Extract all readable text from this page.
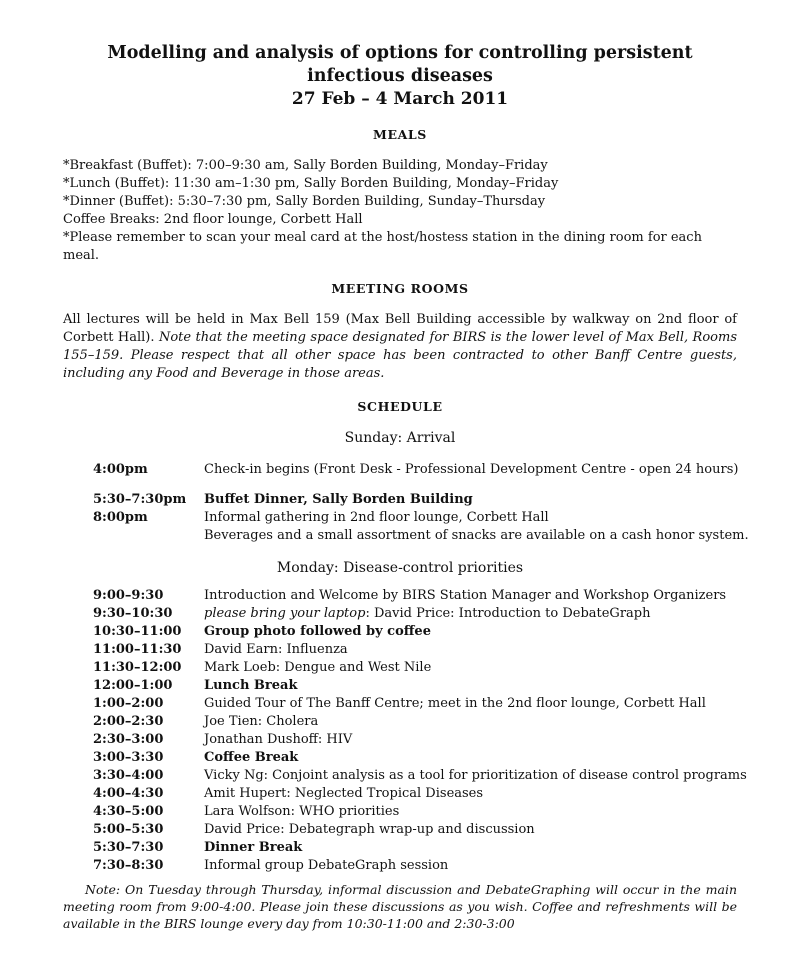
Modelling and analysis of options for controlling persistent infectious diseases
27 Feb – 4 March 2011
MEALS
*Breakfast (Buffet): 7:00–9:30 am, Sally Borden Building, Monday–Friday
*Lunch (Buffet): 11:30 am–1:30 pm, Sally Borden Building, Monday–Friday
*Dinner (Buffet): 5:30–7:30 pm, Sally Borden Building, Sunday–Thursday
Coffee Breaks: 2nd floor lounge, Corbett Hall
*Please remember to scan your meal card at the host/hostess station in the dining room for each meal.
MEETING ROOMS
All lectures will be held in Max Bell 159 (Max Bell Building accessible by walkway on 2nd floor of Corbett Hall). Note that the meeting space designated for BIRS is the lower level of Max Bell, Rooms 155–159. Please respect that all other space has been contracted to other Banff Centre guests, including any Food and Beverage in those areas.
SCHEDULE
Sunday: Arrival
4:00pm	Check-in begins (Front Desk - Professional Development Centre - open 24 hours)
5:30–7:30pm	Buffet Dinner, Sally Borden Building
8:00pm	Informal gathering in 2nd floor lounge, Corbett Hall
Beverages and a small assortment of snacks are available on a cash honor system.
Monday: Disease-control priorities
9:00–9:30	Introduction and Welcome by BIRS Station Manager and Workshop Organizers
9:30–10:30	please bring your laptop: David Price: Introduction to DebateGraph
10:30–11:00	Group photo followed by coffee
11:00–11:30	David Earn: Influenza
11:30–12:00	Mark Loeb: Dengue and West Nile
12:00–1:00	Lunch Break
1:00–2:00	Guided Tour of The Banff Centre; meet in the 2nd floor lounge, Corbett Hall
2:00–2:30	Joe Tien: Cholera
2:30–3:00	Jonathan Dushoff: HIV
3:00–3:30	Coffee Break
3:30–4:00	Vicky Ng: Conjoint analysis as a tool for prioritization of disease control programs
4:00–4:30	Amit Hupert: Neglected Tropical Diseases
4:30–5:00	Lara Wolfson: WHO priorities
5:00–5:30	David Price: Debategraph wrap-up and discussion
5:30–7:30	Dinner Break
7:30–8:30	Informal group DebateGraph session
Note: On Tuesday through Thursday, informal discussion and DebateGraphing will occur in the main meeting room from 9:00-4:00. Please join these discussions as you wish. Coffee and refreshments will be available in the BIRS lounge every day from 10:30-11:00 and 2:30-3:00
